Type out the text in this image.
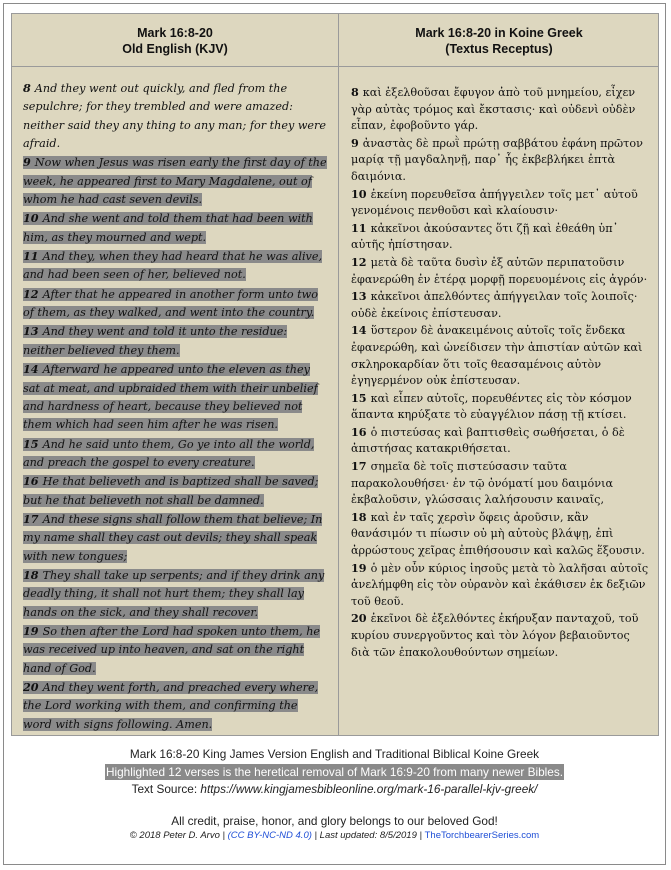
Mark 16:8-20
Old English (KJV)
Mark 16:8-20 in Koine Greek
(Textus Receptus)
8 And they went out quickly, and fled from the sepulchre; for they trembled and were amazed: neither said they any thing to any man; for they were afraid.
9 Now when Jesus was risen early the first day of the week, he appeared first to Mary Magdalene, out of whom he had cast seven devils.
10 And she went and told them that had been with him, as they mourned and wept.
11 And they, when they had heard that he was alive, and had been seen of her, believed not.
12 After that he appeared in another form unto two of them, as they walked, and went into the country.
13 And they went and told it unto the residue: neither believed they them.
14 Afterward he appeared unto the eleven as they sat at meat, and upbraided them with their unbelief and hardness of heart, because they believed not them which had seen him after he was risen.
15 And he said unto them, Go ye into all the world, and preach the gospel to every creature.
16 He that believeth and is baptized shall be saved; but he that believeth not shall be damned.
17 And these signs shall follow them that believe; In my name shall they cast out devils; they shall speak with new tongues;
18 They shall take up serpents; and if they drink any deadly thing, it shall not hurt them; they shall lay hands on the sick, and they shall recover.
19 So then after the Lord had spoken unto them, he was received up into heaven, and sat on the right hand of God.
20 And they went forth, and preached every where, the Lord working with them, and confirming the word with signs following. Amen.
8 καὶ ἐξελθοῦσαι ἔφυγον ἀπὸ τοῦ μνημείου, εἶχεν γὰρ αὐτὰς τρόμος καὶ ἔκστασις· καὶ οὐδενὶ οὐδὲν εἶπαν, ἐφοβοῦντο γάρ.
9 ἀναστὰς δὲ πρωῒ πρώτῃ σαββάτου ἐφάνη πρῶτον μαρίᾳ τῇ μαγδαληνῇ, παρ᾽ ἧς ἐκβεβλήκει ἑπτὰ δαιμόνια.
10 ἐκείνη πορευθεῖσα ἀπήγγειλεν τοῖς μετ᾽ αὐτοῦ γενομένοις πενθοῦσι καὶ κλαίουσιν·
11 κἀκεῖνοι ἀκούσαντες ὅτι ζῇ καὶ ἐθεάθη ὑπ᾽ αὐτῆς ἠπίστησαν.
12 μετὰ δὲ ταῦτα δυσὶν ἐξ αὐτῶν περιπατοῦσιν ἐφανερώθη ἐν ἑτέρᾳ μορφῇ πορευομένοις εἰς ἀγρόν·
13 κἀκεῖνοι ἀπελθόντες ἀπήγγειλαν τοῖς λοιποῖς· οὐδὲ ἐκείνοις ἐπίστευσαν.
14 ὕστερον δὲ ἀνακειμένοις αὐτοῖς τοῖς ἕνδεκα ἐφανερώθη, καὶ ὠνείδισεν τὴν ἀπιστίαν αὐτῶν καὶ σκληροκαρδίαν ὅτι τοῖς θεασαμένοις αὐτὸν ἐγηγερμένον οὐκ ἐπίστευσαν.
15 καὶ εἶπεν αὐτοῖς, πορευθέντες εἰς τὸν κόσμον ἅπαντα κηρύξατε τὸ εὐαγγέλιον πάσῃ τῇ κτίσει.
16 ὁ πιστεύσας καὶ βαπτισθεὶς σωθήσεται, ὁ δὲ ἀπιστήσας κατακριθήσεται.
17 σημεῖα δὲ τοῖς πιστεύσασιν ταῦτα παρακολουθήσει· ἐν τῷ ὀνόματί μου δαιμόνια ἐκβαλοῦσιν, γλώσσαις λαλήσουσιν καιναῖς,
18 καὶ ἐν ταῖς χερσὶν ὄφεις ἀροῦσιν, κἂν θανάσιμόν τι πίωσιν οὐ μὴ αὐτοὺς βλάψῃ, ἐπὶ ἀρρώστους χεῖρας ἐπιθήσουσιν καὶ καλῶς ἕξουσιν.
19 ὁ μὲν οὖν κύριος ἰησοῦς μετὰ τὸ λαλῆσαι αὐτοῖς ἀνελήμφθη εἰς τὸν οὐρανὸν καὶ ἐκάθισεν ἐκ δεξιῶν τοῦ θεοῦ.
20 ἐκεῖνοι δὲ ἐξελθόντες ἐκήρυξαν πανταχοῦ, τοῦ κυρίου συνεργοῦντος καὶ τὸν λόγον βεβαιοῦντος διὰ τῶν ἐπακολουθούντων σημείων.
Mark 16:8-20 King James Version English and Traditional Biblical Koine Greek
Highlighted 12 verses is the heretical removal of Mark 16:9-20 from many newer Bibles.
Text Source: https://www.kingjamesbibleonline.org/mark-16-parallel-kjv-greek/
All credit, praise, honor, and glory belongs to our beloved God!
© 2018 Peter D. Arvo | (CC BY-NC-ND 4.0) | Last updated: 8/5/2019 | TheTorchbearerSeries.com
